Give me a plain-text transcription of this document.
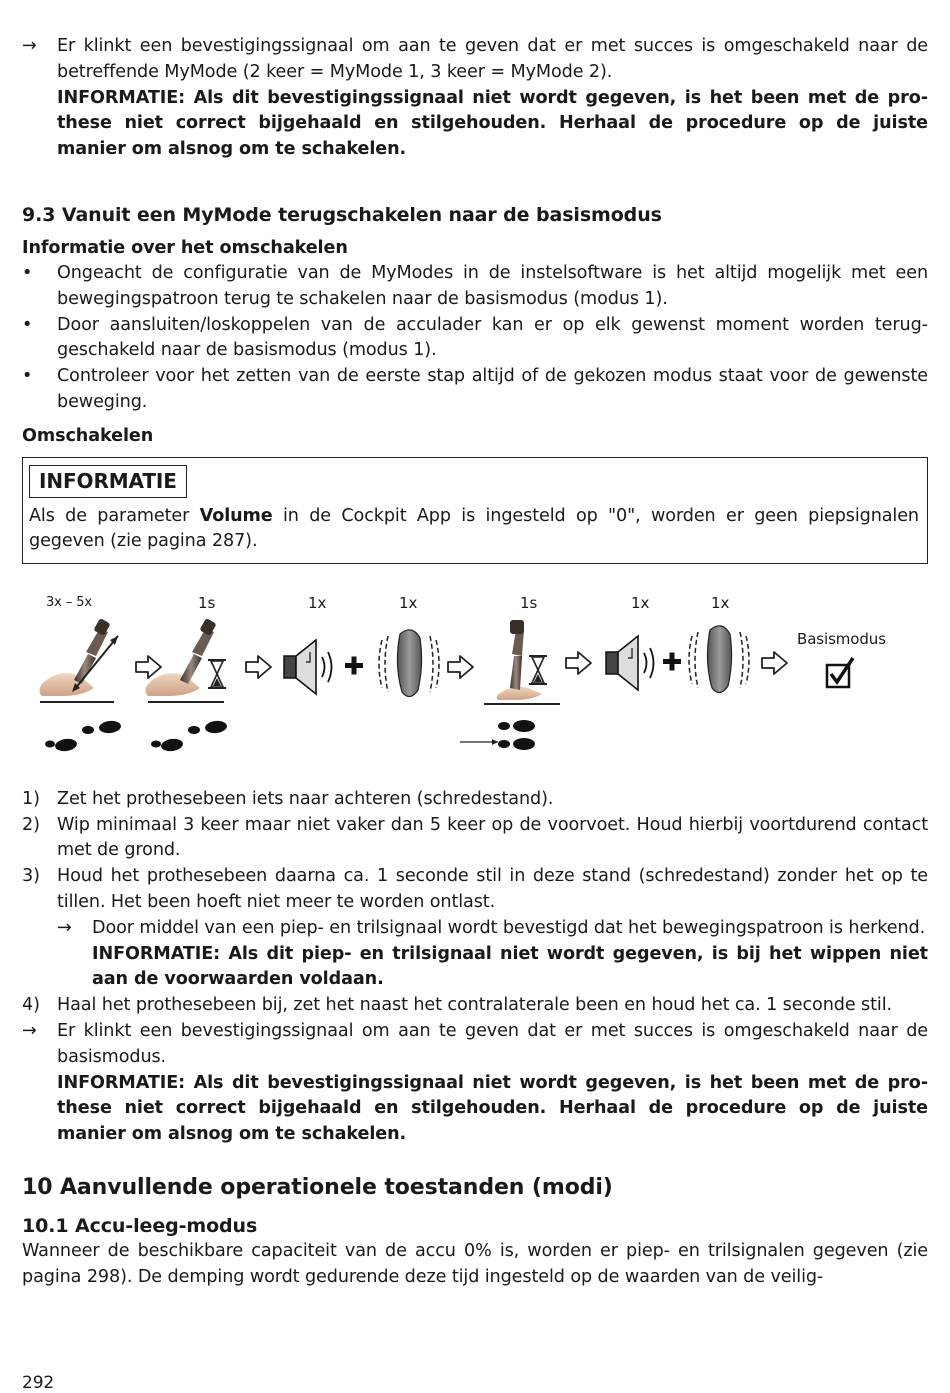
→ Er klinkt een bevestigingssignaal om aan te geven dat er met succes is omgeschakeld naar de betreffende MyMode (2 keer = MyMode 1, 3 keer = MyMode 2).
INFORMATIE: Als dit bevestigingssignaal niet wordt gegeven, is het been met de prothese niet correct bijgehaald en stilgehouden. Herhaal de procedure op de juiste manier om alsnog om te schakelen.
9.3 Vanuit een MyMode terugschakelen naar de basismodus
Informatie over het omschakelen
• Ongeacht de configuratie van de MyModes in de instelsoftware is het altijd mogelijk met een bewegingspatroon terug te schakelen naar de basismodus (modus 1).
• Door aansluiten/loskoppelen van de acculader kan er op elk gewenst moment worden teruggeschakeld naar de basismodus (modus 1).
• Controleer voor het zetten van de eerste stap altijd of de gekozen modus staat voor de gewenste beweging.
Omschakelen
INFORMATIE
Als de parameter Volume in de Cockpit App is ingesteld op "0", worden er geen piepsignalen gegeven (zie pagina 287).
3x – 5x	1s	1x	1x	1s	1x	1x
Basismodus
1) Zet het prothesebeen iets naar achteren (schredestand).
2) Wip minimaal 3 keer maar niet vaker dan 5 keer op de voorvoet. Houd hierbij voortdurend contact met de grond.
3) Houd het prothesebeen daarna ca. 1 seconde stil in deze stand (schredestand) zonder het op te tillen. Het been hoeft niet meer te worden ontlast.
→ Door middel van een piep- en trilsignaal wordt bevestigd dat het bewegingspatroon is herkend.
INFORMATIE: Als dit piep- en trilsignaal niet wordt gegeven, is bij het wippen niet aan de voorwaarden voldaan.
4) Haal het prothesebeen bij, zet het naast het contralaterale been en houd het ca. 1 seconde stil.
→ Er klinkt een bevestigingssignaal om aan te geven dat er met succes is omgeschakeld naar de basismodus.
INFORMATIE: Als dit bevestigingssignaal niet wordt gegeven, is het been met de prothese niet correct bijgehaald en stilgehouden. Herhaal de procedure op de juiste manier om alsnog om te schakelen.
10 Aanvullende operationele toestanden (modi)
10.1 Accu-leeg-modus
Wanneer de beschikbare capaciteit van de accu 0% is, worden er piep- en trilsignalen gegeven (zie pagina 298). De demping wordt gedurende deze tijd ingesteld op de waarden van de veilig-
292
